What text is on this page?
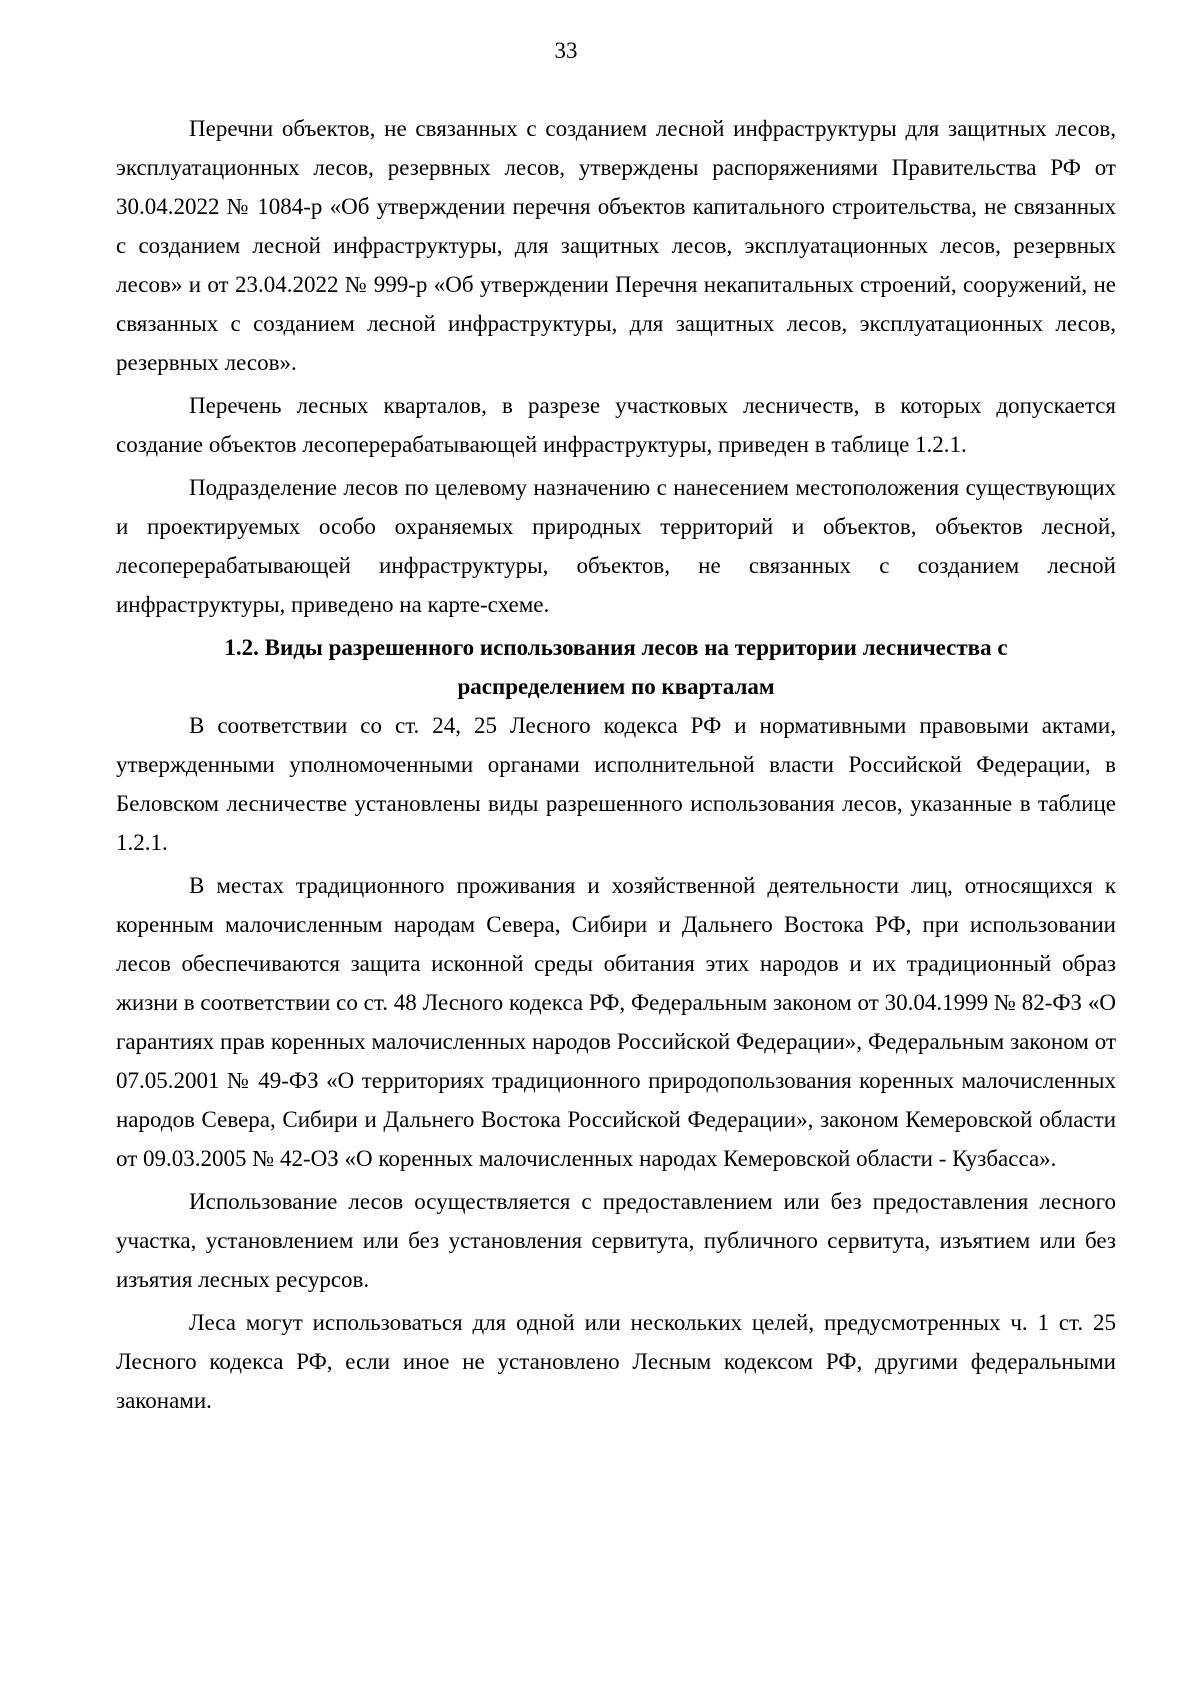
33

Перечни объектов, не связанных с созданием лесной инфраструктуры для защитных лесов, эксплуатационных лесов, резервных лесов, утверждены распоряжениями Правительства РФ от 30.04.2022 № 1084-р «Об утверждении перечня объектов капитального строительства, не связанных с созданием лесной инфраструктуры, для защитных лесов, эксплуатационных лесов, резервных лесов» и от 23.04.2022 № 999-р «Об утверждении Перечня некапитальных строений, сооружений, не связанных с созданием лесной инфраструктуры, для защитных лесов, эксплуатационных лесов, резервных лесов».

Перечень лесных кварталов, в разрезе участковых лесничеств, в которых допускается создание объектов лесоперерабатывающей инфраструктуры, приведен в таблице 1.2.1.

Подразделение лесов по целевому назначению с нанесением местоположения существующих и проектируемых особо охраняемых природных территорий и объектов, объектов лесной, лесоперерабатывающей инфраструктуры, объектов, не связанных с созданием лесной инфраструктуры, приведено на карте-схеме.

1.2. Виды разрешенного использования лесов на территории лесничества с
распределением по кварталам

В соответствии со ст. 24, 25 Лесного кодекса РФ и нормативными правовыми актами, утвержденными уполномоченными органами исполнительной власти Российской Федерации, в Беловском лесничестве установлены виды разрешенного использования лесов, указанные в таблице 1.2.1.

В местах традиционного проживания и хозяйственной деятельности лиц, относящихся к коренным малочисленным народам Севера, Сибири и Дальнего Востока РФ, при использовании лесов обеспечиваются защита исконной среды обитания этих народов и их традиционный образ жизни в соответствии со ст. 48 Лесного кодекса РФ, Федеральным законом от 30.04.1999 № 82-ФЗ «О гарантиях прав коренных малочисленных народов Российской Федерации», Федеральным законом от 07.05.2001 № 49-ФЗ «О территориях традиционного природопользования коренных малочисленных народов Севера, Сибири и Дальнего Востока Российской Федерации», законом Кемеровской области от 09.03.2005 № 42-ОЗ «О коренных малочисленных народах Кемеровской области - Кузбасса».

Использование лесов осуществляется с предоставлением или без предоставления лесного участка, установлением или без установления сервитута, публичного сервитута, изъятием или без изъятия лесных ресурсов.

Леса могут использоваться для одной или нескольких целей, предусмотренных ч. 1 ст. 25 Лесного кодекса РФ, если иное не установлено Лесным кодексом РФ, другими федеральными законами.
